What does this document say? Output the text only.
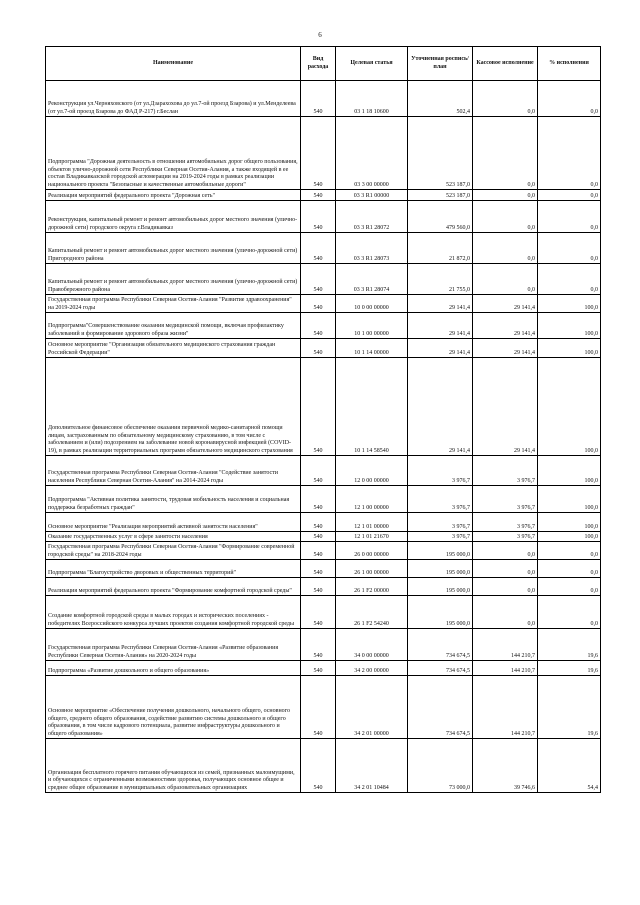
6
Наименование	Вид расхода	Целевая статья	Уточненная роспись/план	Кассовое исполнение	% исполнения
Реконструкция ул.Черняховского (от ул.Дзарахохова до ул.7-ой проезд Бзарова) и ул.Менделеева (от ул.7-ой проезд Бзарова до ФАД Р-217) г.Беслан	540	03 1 18 10600	502,4	0,0	0,0
Подпрограмма "Дорожная деятельность в отношении автомобильных дорог общего пользования, объектов улично-дорожной сети Республики Северная Осетия-Алания, а также входящей в ее состав Владикавказской городской агломерации на 2019-2024 годы в рамках реализации национального проекта "Безопасные и качественные автомобильные дороги"	540	03 3 00 00000	523 187,0	0,0	0,0
Реализация мероприятий федерального проекта "Дорожная сеть"	540	03 3 R1 00000	523 187,0	0,0	0,0
Реконструкция, капитальный ремонт и ремонт автомобильных дорог местного значения (улично-дорожной сети) городского округа г.Владикавказ	540	03 3 R1 28072	479 560,0	0,0	0,0
Капитальный ремонт и ремонт автомобильных дорог местного значения (улично-дорожной сети) Пригородного района	540	03 3 R1 28073	21 872,0	0,0	0,0
Капитальный ремонт и ремонт автомобильных дорог местного значения (улично-дорожной сети) Правобережного района	540	03 3 R1 28074	21 755,0	0,0	0,0
Государственная программа Республики Северная Осетия-Алания "Развитие здравоохранения" на 2019-2024 годы	540	10 0 00 00000	29 141,4	29 141,4	100,0
Подпрограмма"Совершенствование оказания медицинской помощи, включая профилактику заболеваний и формирование здорового образа жизни"	540	10 1 00 00000	29 141,4	29 141,4	100,0
Основное мероприятие "Организация обязательного медицинского страхования граждан Российской Федерации"	540	10 1 14 00000	29 141,4	29 141,4	100,0
Дополнительное финансовое обеспечение оказания первичной медико-санитарной помощи лицам, застрахованным по обязательному медицинскому страхованию, в том числе с заболеванием и (или) подозрением на заболевание новой коронавирусной инфекцией (COVID-19), в рамках реализации территориальных программ обязательного медицинского страхования	540	10 1 14 58540	29 141,4	29 141,4	100,0
Государственная программа Республики Северная Осетия-Алания "Содействие занятости населения Республики Северная Осетия-Алания" на 2014-2024 годы	540	12 0 00 00000	3 976,7	3 976,7	100,0
Подпрограмма "Активная политика занятости, трудовая мобильность населения и социальная поддержка безработных граждан"	540	12 1 00 00000	3 976,7	3 976,7	100,0
Основное мероприятие "Реализация мероприятий активной занятости населения"	540	12 1 01 00000	3 976,7	3 976,7	100,0
Оказание государственных услуг в сфере занятости населения	540	12 1 01 21670	3 976,7	3 976,7	100,0
Государственная программа Республики Северная Осетия-Алания "Формирование современной городской среды" на 2018-2024 годы	540	26 0 00 00000	195 000,0	0,0	0,0
Подпрограмма "Благоустройство дворовых и общественных территорий"	540	26 1 00 00000	195 000,0	0,0	0,0
Реализация мероприятий федерального проекта "Формирование комфортной городской среды"	540	26 1 F2 00000	195 000,0	0,0	0,0
Создание комфортной городской среды в малых городах и исторических поселениях - победителях Всероссийского конкурса лучших проектов создания комфортной городской среды	540	26 1 F2 54240	195 000,0	0,0	0,0
Государственная программа Республики Северная Осетия-Алания «Развитие образования Республики Северная Осетия-Алания» на 2020-2024 годы	540	34 0 00 00000	734 674,5	144 210,7	19,6
Подпрограмма «Развитие дошкольного и общего образования»	540	34 2 00 00000	734 674,5	144 210,7	19,6
Основное мероприятие «Обеспечение получения дошкольного, начального общего, основного общего, среднего общего образования, содействие развитию системы дошкольного и общего образования, в том числе кадрового потенциала, развитие инфраструктуры дошкольного и общего образования»	540	34 2 01 00000	734 674,5	144 210,7	19,6
Организация бесплатного горячего питания обучающихся из семей, признанных малоимущими, и обучающихся с ограниченными возможностями здоровья, получающих основное общее и среднее общее образование в муниципальных образовательных организациях	540	34 2 01 10484	73 000,0	39 746,6	54,4
